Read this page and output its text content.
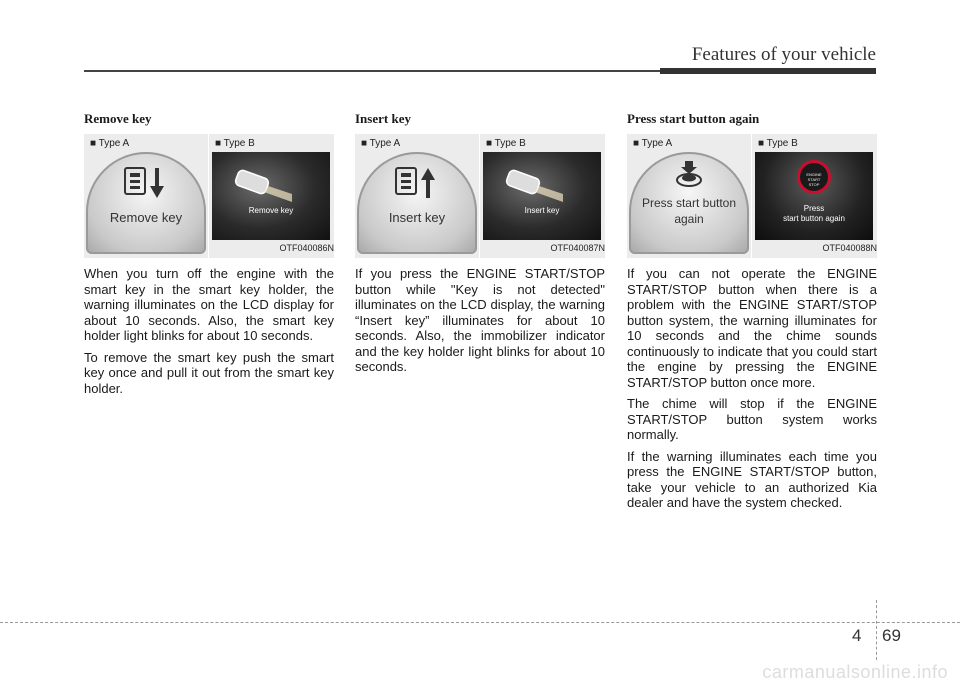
Features of your vehicle
Remove key
■ Type A	■ Type B
Remove key	Remove key
OTF040086N

When you turn off the engine with the smart key in the smart key holder, the warning illuminates on the LCD display for about 10 seconds. Also, the smart key holder light blinks for about 10 seconds.

To remove the smart key push the smart key once and pull it out from the smart key holder.

Insert key
■ Type A	■ Type B
Insert key	Insert key
OTF040087N

If you press the ENGINE START/STOP button while "Key is not detected" illuminates on the LCD display, the warning “Insert key” illuminates for about 10 seconds. Also, the immobilizer indicator and the key holder light blinks for about 10 seconds.

Press start button again
■ Type A	■ Type B
Press start button
again
ENGINE START STOP
Press
start button again
OTF040088N

If you can not operate the ENGINE START/STOP button when there is a problem with the ENGINE START/STOP button system, the warning illuminates for 10 seconds and the chime sounds continuously to indicate that you could start the engine by pressing the ENGINE START/STOP button once more.

The chime will stop if the ENGINE START/STOP button system works normally.

If the warning illuminates each time you press the ENGINE START/STOP button, take your vehicle to an authorized Kia dealer and have the system checked.

4 69
carmanualsonline.info
